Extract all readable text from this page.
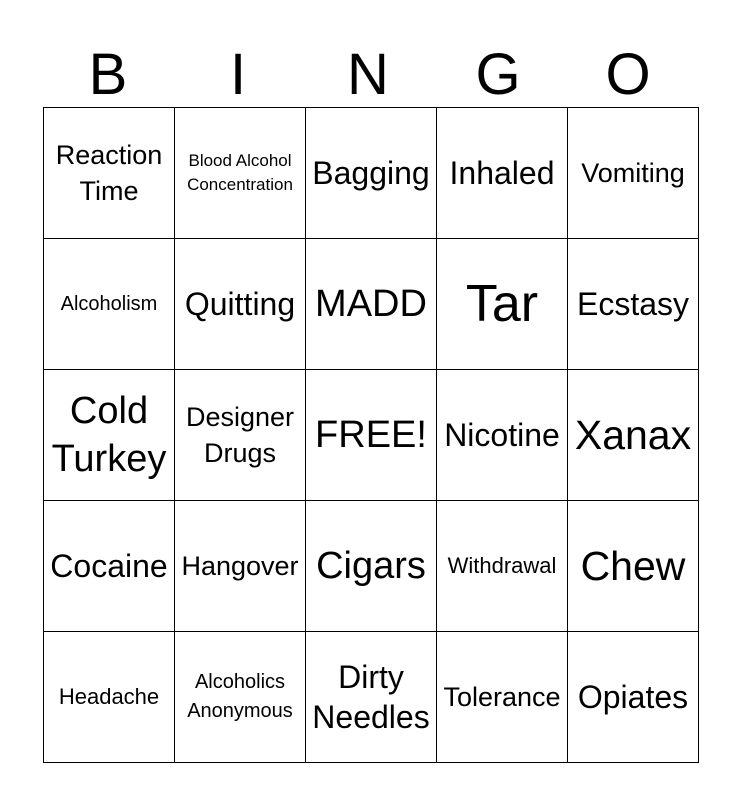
B	I	N	G	O
Reaction Time	Blood Alcohol Concentration	Bagging	Inhaled	Vomiting

Alcoholism	Quitting	MADD	Tar	Ecstasy

Cold Turkey	Designer Drugs	FREE!	Nicotine	Xanax

Cocaine	Hangover	Cigars	Withdrawal	Chew

Headache	Alcoholics Anonymous	Dirty Needles	Tolerance	Opiates
